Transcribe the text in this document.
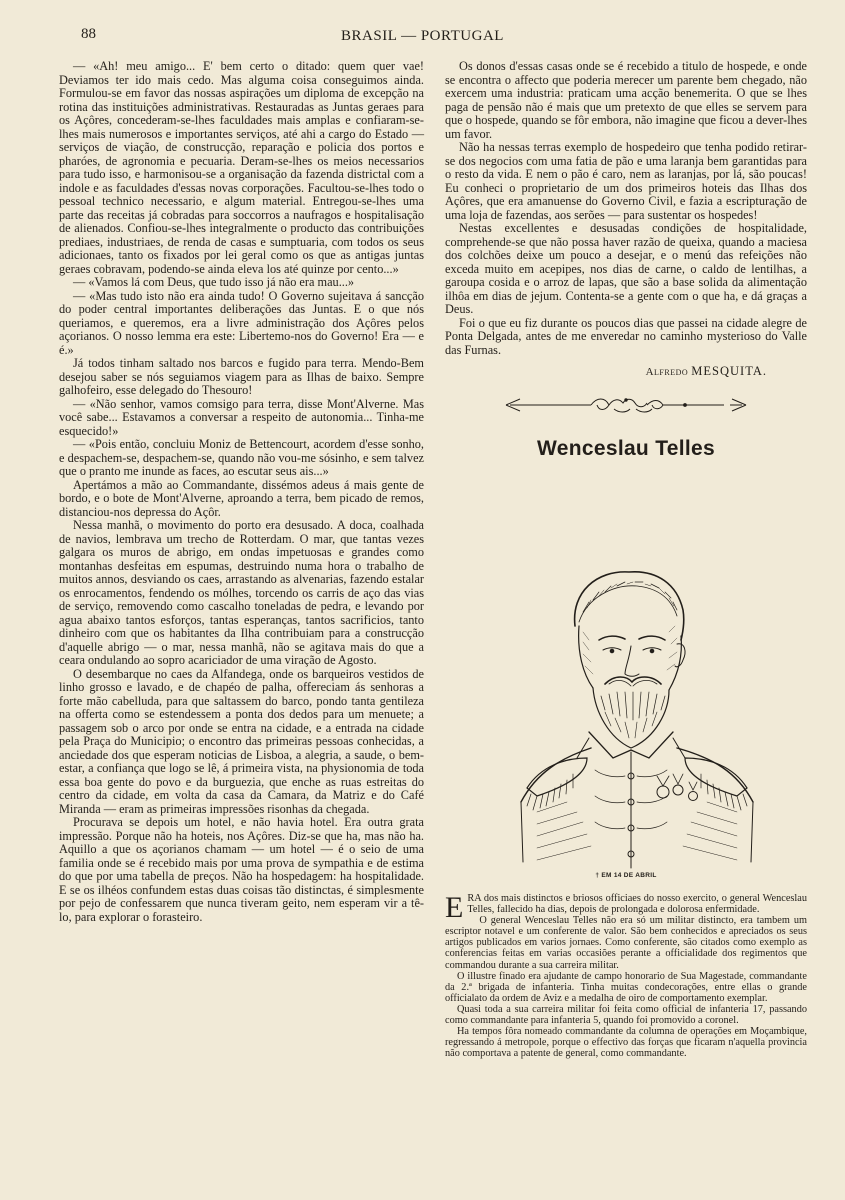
88	BRASIL — PORTUGAL

— «Ah! meu amigo... E' bem certo o ditado: quem quer vae! Deviamos ter ido mais cedo. Mas alguma coisa conseguimos ainda. Formulou-se em favor das nossas aspirações um diploma de excepção na rotina das instituições administrativas. Restauradas as Juntas geraes para os Açôres, concederam-se-lhes faculdades mais amplas e confiaram-se-lhes mais numerosos e importantes serviços, até ahi a cargo do Estado — serviços de viação, de construcção, reparação e policia dos portos e pharóes, de agronomia e pecuaria. Deram-se-lhes os meios necessarios para tudo isso, e harmonisou-se a organisação da fazenda districtal com a indole e as faculdades d'essas novas corporações. Facultou-se-lhes todo o pessoal technico necessario, e algum material. Entregou-se-lhes uma parte das receitas já cobradas para soccorros a naufragos e hospitalisação de alienados. Confiou-se-lhes integralmente o producto das contribuições prediaes, industriaes, de renda de casas e sumptuaria, com todos os seus adicionaes, tanto os fixados por lei geral como os que as antigas juntas geraes cobravam, podendo-se ainda eleva los até quinze por cento...»

— «Vamos lá com Deus, que tudo isso já não era mau...»

— «Mas tudo isto não era ainda tudo! O Governo sujeitava á sancção do poder central importantes deliberações das Juntas. E o que nós queriamos, e queremos, era a livre administração dos Açôres pelos açorianos. O nosso lemma era este: Libertemo-nos do Governo! Era — e é.»

Já todos tinham saltado nos barcos e fugido para terra. Mendo-Bem desejou saber se nós seguiamos viagem para as Ilhas de baixo. Sempre galhofeiro, esse delegado do Thesouro!

— «Não senhor, vamos comsigo para terra, disse Mont'Alverne. Mas você sabe... Estavamos a conversar a respeito de autonomia... Tinha-me esquecido!»

— «Pois então, concluiu Moniz de Bettencourt, acordem d'esse sonho, e despachem-se, despachem-se, quando não vou-me sósinho, e sem talvez que o pranto me inunde as faces, ao escutar seus ais...»

Apertámos a mão ao Commandante, dissémos adeus á mais gente de bordo, e o bote de Mont'Alverne, aproando a terra, bem picado de remos, distanciou-nos depressa do Açôr.

Nessa manhã, o movimento do porto era desusado. A doca, coalhada de navios, lembrava um trecho de Rotterdam. O mar, que tantas vezes galgara os muros de abrigo, em ondas impetuosas e grandes como montanhas desfeitas em espumas, destruindo numa hora o trabalho de muitos annos, desviando os caes, arrastando as alvenarias, fazendo estalar os enrocamentos, fendendo os mólhes, torcendo os carris de aço das vias de serviço, removendo como cascalho toneladas de pedra, e levando por agua abaixo tantos esforços, tantas esperanças, tantos sacrificios, tanto dinheiro com que os habitantes da Ilha contribuiam para a construcção d'aquelle abrigo — o mar, nessa manhã, não se agitava mais do que a ceara ondulando ao sopro acariciador de uma viração de Agosto.

O desembarque no caes da Alfandega, onde os barqueiros vestidos de linho grosso e lavado, e de chapéo de palha, offereciam ás senhoras a forte mão cabelluda, para que saltassem do barco, pondo tanta gentileza na offerta como se estendessem a ponta dos dedos para um menuete; a passagem sob o arco por onde se entra na cidade, e a entrada na cidade pela Praça do Municipio; o encontro das primeiras pessoas conhecidas, a anciedade dos que esperam noticias de Lisboa, a alegria, a saude, o bem-estar, a confiança que logo se lê, á primeira vista, na physionomia de toda essa boa gente do povo e da burguezia, que enche as ruas estreitas do centro da cidade, em volta da casa da Camara, da Matriz e do Café Miranda — eram as primeiras impressões risonhas da chegada.

Procurava se depois um hotel, e não havia hotel. Era outra grata impressão. Porque não ha hoteis, nos Açôres. Diz-se que ha, mas não ha. Aquillo a que os açorianos chamam — um hotel — é o seio de uma familia onde se é recebido mais por uma prova de sympathia e de estima do que por uma tabella de preços. Não ha hospedagem: ha hospitalidade. E se os ilhéos confundem estas duas coisas tão distinctas, é simplesmente por pejo de confessarem que nunca tiveram geito, nem esperam vir a tê-lo, para explorar o forasteiro.

Os donos d'essas casas onde se é recebido a titulo de hospede, e onde se encontra o affecto que poderia merecer um parente bem chegado, não exercem uma industria: praticam uma acção benemerita. O que se lhes paga de pensão não é mais que um pretexto de que elles se servem para que o hospede, quando se fôr embora, não imagine que ficou a dever-lhes um favor.

Não ha nessas terras exemplo de hospedeiro que tenha podido retirar-se dos negocios com uma fatia de pão e uma laranja bem garantidas para o resto da vida. E nem o pão é caro, nem as laranjas, por lá, são poucas! Eu conheci o proprietario de um dos primeiros hoteis das Ilhas dos Açôres, que era amanuense do Governo Civil, e fazia a escripturação de uma loja de fazendas, aos serões — para sustentar os hospedes!

Nestas excellentes e desusadas condições de hospitalidade, comprehende-se que não possa haver razão de queixa, quando a maciesa dos colchões deixe um pouco a desejar, e o menú das refeições não exceda muito em acepipes, nos dias de carne, o caldo de lentilhas, a garoupa cosida e o arroz de lapas, que são a base solida da alimentação ilhôa em dias de jejum. Contenta-se a gente com o que ha, e dá graças a Deus.

Foi o que eu fiz durante os poucos dias que passei na cidade alegre de Ponta Delgada, antes de me enveredar no caminho mysterioso do Valle das Furnas.

Alfredo MESQUITA.
Wenceslau Telles
† EM 14 DE ABRIL

ERA dos mais distinctos e briosos officiaes do nosso exercito, o general Wenceslau Telles, fallecido ha dias, depois de prolongada e dolorosa enfermidade.

O general Wenceslau Telles não era só um militar distincto, era tambem um escriptor notavel e um conferente de valor. São bem conhecidos e apreciados os seus artigos publicados em varios jornaes. Como conferente, são citados como exemplo as conferencias feitas em varias occasiões perante a officialidade dos regimentos que commandou durante a sua carreira militar.

O illustre finado era ajudante de campo honorario de Sua Magestade, commandante da 2.ª brigada de infanteria. Tinha muitas condecorações, entre ellas o grande officialato da ordem de Aviz e a medalha de oiro de comportamento exemplar.

Quasi toda a sua carreira militar foi feita como official de infanteria 17, passando como commandante para infanteria 5, quando foi promovido a coronel.

Ha tempos fôra nomeado commandante da columna de operações em Moçambique, regressando á metropole, porque o effectivo das forças que ficaram n'aquella provincia não comportava a patente de general, como commandante.
